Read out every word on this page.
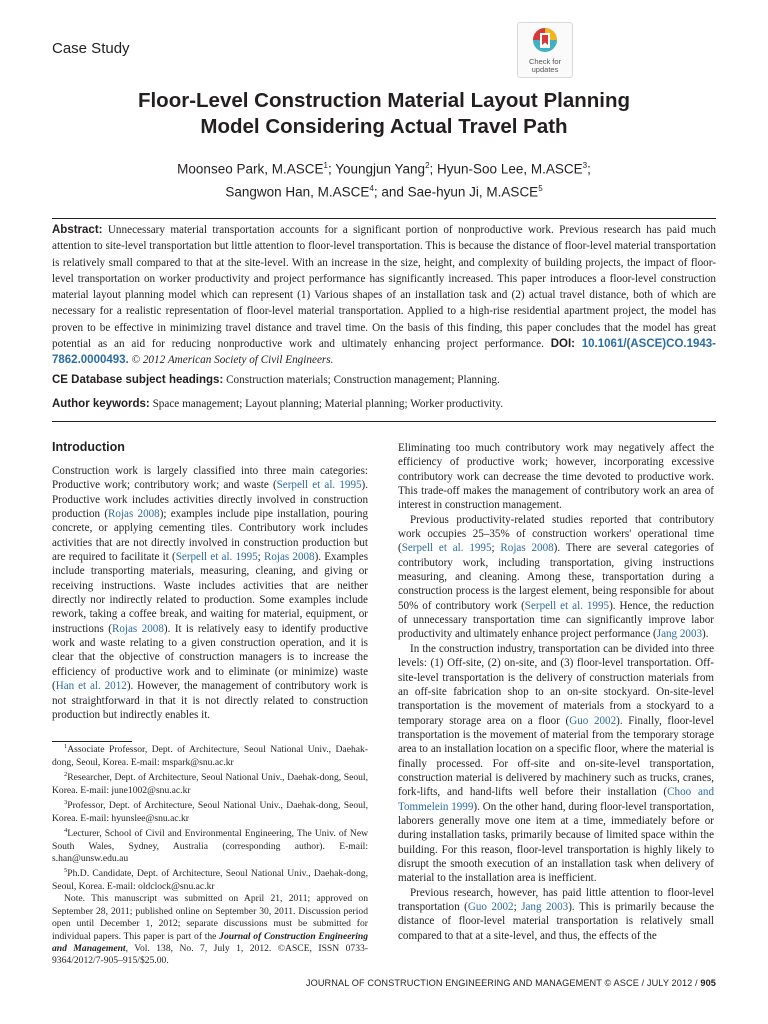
Case Study
Check for
updates
Floor-Level Construction Material Layout Planning
Model Considering Actual Travel Path
Moonseo Park, M.ASCE$^1$; Youngjun Yang$^2$; Hyun-Soo Lee, M.ASCE$^3$;
Sangwon Han, M.ASCE$^4$; and Sae-hyun Ji, M.ASCE$^5$
Abstract: Unnecessary material transportation accounts for a significant portion of nonproductive work. Previous research has paid much attention to site-level transportation but little attention to floor-level transportation. This is because the distance of floor-level material transportation is relatively small compared to that at the site-level. With an increase in the size, height, and complexity of building projects, the impact of floor-level transportation on worker productivity and project performance has significantly increased. This paper introduces a floor-level construction material layout planning model which can represent (1) Various shapes of an installation task and (2) actual travel distance, both of which are necessary for a realistic representation of floor-level material transportation. Applied to a high-rise residential apartment project, the model has proven to be effective in minimizing travel distance and travel time. On the basis of this finding, this paper concludes that the model has great potential as an aid for reducing nonproductive work and ultimately enhancing project performance. DOI: 10.1061/(ASCE)CO.1943-7862.0000493. © 2012 American Society of Civil Engineers.
CE Database subject headings: Construction materials; Construction management; Planning.
Author keywords: Space management; Layout planning; Material planning; Worker productivity.
Introduction

Construction work is largely classified into three main categories: Productive work; contributory work; and waste (Serpell et al. 1995). Productive work includes activities directly involved in construction production (Rojas 2008); examples include pipe installation, pouring concrete, or applying cementing tiles. Contributory work includes activities that are not directly involved in construction production but are required to facilitate it (Serpell et al. 1995; Rojas 2008). Examples include transporting materials, measuring, cleaning, and giving or receiving instructions. Waste includes activities that are neither directly nor indirectly related to production. Some examples include rework, taking a coffee break, and waiting for material, equipment, or instructions (Rojas 2008). It is relatively easy to identify productive work and waste relating to a given construction operation, and it is clear that the objective of construction managers is to increase the efficiency of productive work and to eliminate (or minimize) waste (Han et al. 2012). However, the management of contributory work is not straightforward in that it is not directly related to construction production but indirectly enables it.

$^1$Associate Professor, Dept. of Architecture, Seoul National Univ., Daehak-dong, Seoul, Korea. E-mail: mspark@snu.ac.kr

$^2$Researcher, Dept. of Architecture, Seoul National Univ., Daehak-dong, Seoul, Korea. E-mail: june1002@snu.ac.kr

$^3$Professor, Dept. of Architecture, Seoul National Univ., Daehak-dong, Seoul, Korea. E-mail: hyunslee@snu.ac.kr

$^4$Lecturer, School of Civil and Environmental Engineering, The Univ. of New South Wales, Sydney, Australia (corresponding author). E-mail: s.han@unsw.edu.au

$^5$Ph.D. Candidate, Dept. of Architecture, Seoul National Univ., Daehak-dong, Seoul, Korea. E-mail: oldclock@snu.ac.kr

Note. This manuscript was submitted on April 21, 2011; approved on September 28, 2011; published online on September 30, 2011. Discussion period open until December 1, 2012; separate discussions must be submitted for individual papers. This paper is part of the Journal of Construction Engineering and Management, Vol. 138, No. 7, July 1, 2012. ©ASCE, ISSN 0733-9364/2012/7-905–915/$25.00.

Eliminating too much contributory work may negatively affect the efficiency of productive work; however, incorporating excessive contributory work can decrease the time devoted to productive work. This trade-off makes the management of contributory work an area of interest in construction management.

Previous productivity-related studies reported that contributory work occupies 25–35% of construction workers' operational time (Serpell et al. 1995; Rojas 2008). There are several categories of contributory work, including transportation, giving instructions measuring, and cleaning. Among these, transportation during a construction process is the largest element, being responsible for about 50% of contributory work (Serpell et al. 1995). Hence, the reduction of unnecessary transportation time can significantly improve labor productivity and ultimately enhance project performance (Jang 2003).

In the construction industry, transportation can be divided into three levels: (1) Off-site, (2) on-site, and (3) floor-level transportation. Off-site-level transportation is the delivery of construction materials from an off-site fabrication shop to an on-site stockyard. On-site-level transportation is the movement of materials from a stockyard to a temporary storage area on a floor (Guo 2002). Finally, floor-level transportation is the movement of material from the temporary storage area to an installation location on a specific floor, where the material is finally processed. For off-site and on-site-level transportation, construction material is delivered by machinery such as trucks, cranes, fork-lifts, and hand-lifts well before their installation (Choo and Tommelein 1999). On the other hand, during floor-level transportation, laborers generally move one item at a time, immediately before or during installation tasks, primarily because of limited space within the building. For this reason, floor-level transportation is highly likely to disrupt the smooth execution of an installation task when delivery of material to the installation area is inefficient.

Previous research, however, has paid little attention to floor-level transportation (Guo 2002; Jang 2003). This is primarily because the distance of floor-level material transportation is relatively small compared to that at a site-level, and thus, the effects of the

JOURNAL OF CONSTRUCTION ENGINEERING AND MANAGEMENT © ASCE / JULY 2012 / 905
